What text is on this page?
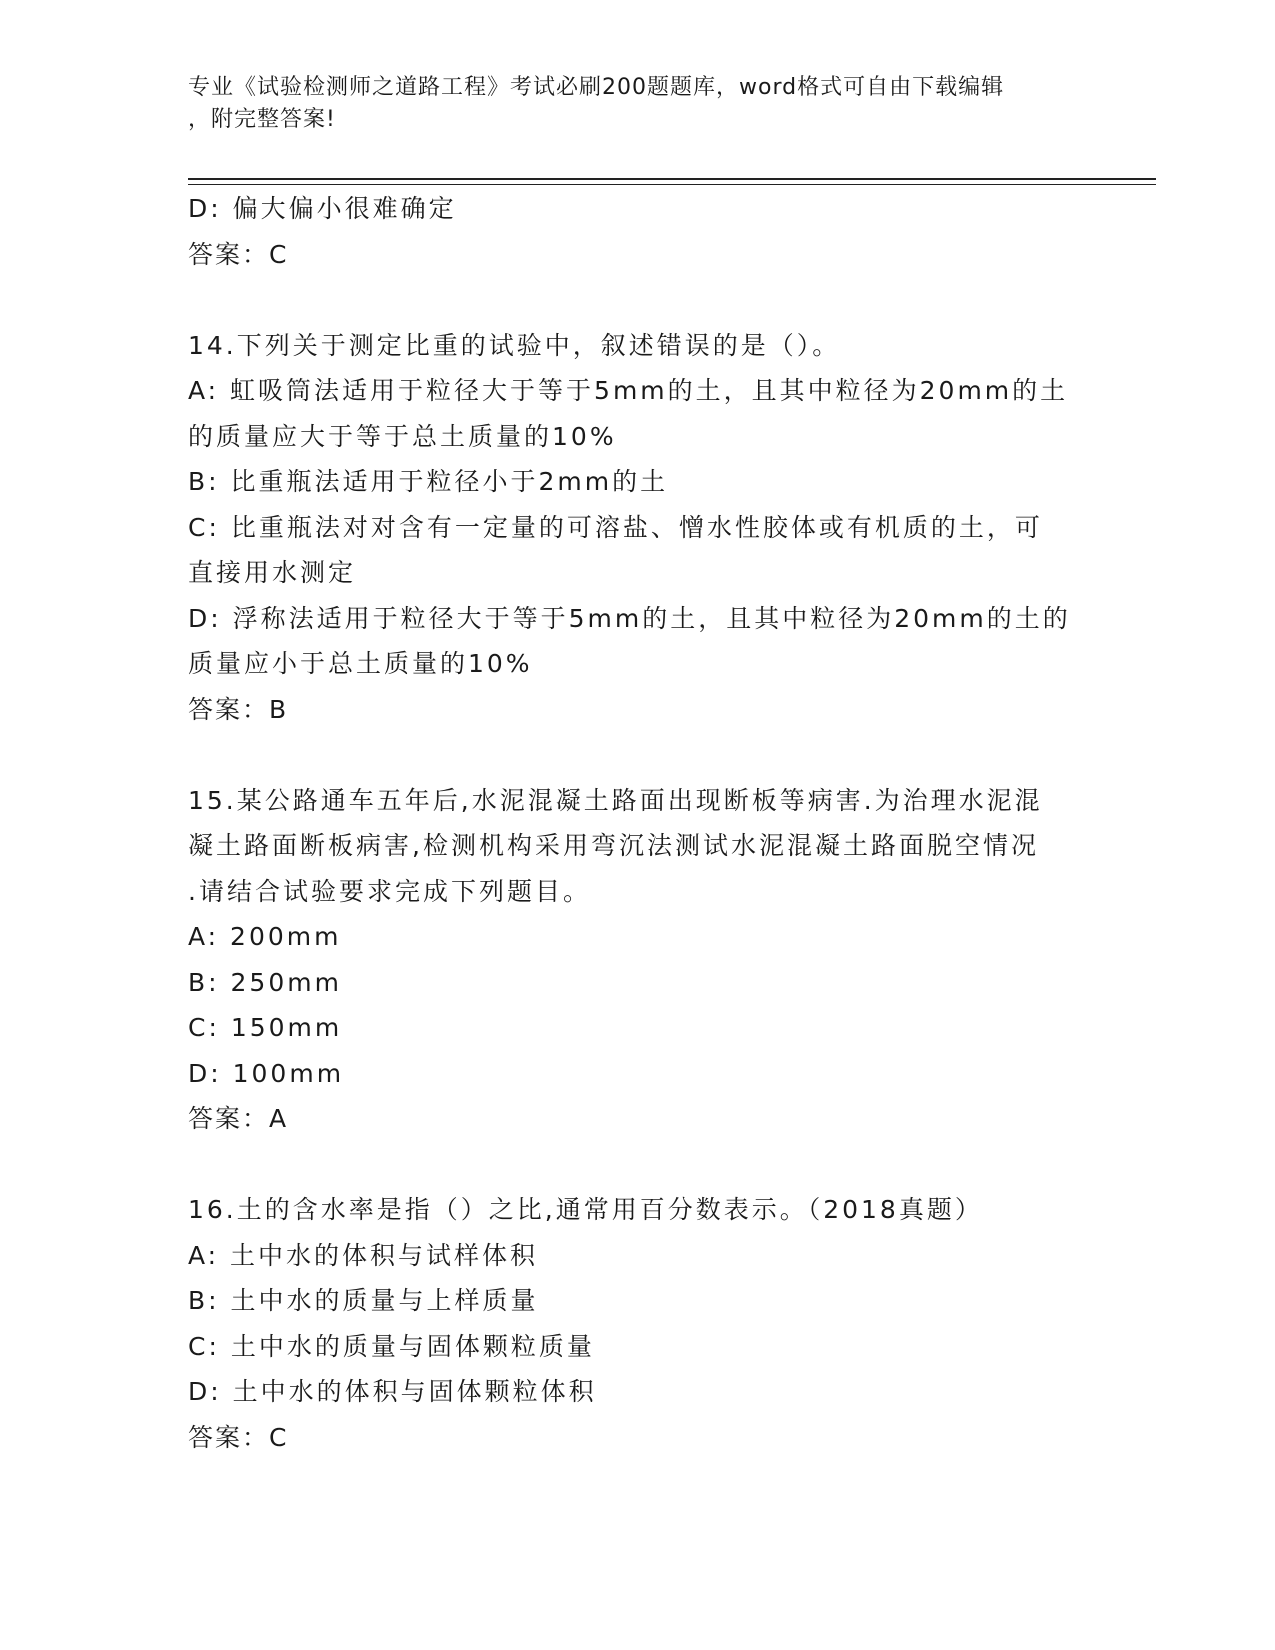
专业《试验检测师之道路工程》考试必刷200题题库，word格式可自由下载编辑
，附完整答案!

D: 偏大偏小很难确定

答案：C

14.下列关于测定比重的试验中，叙述错误的是（）。

A: 虹吸筒法适用于粒径大于等于5mm的土，且其中粒径为20mm的土

的质量应大于等于总土质量的10%

B: 比重瓶法适用于粒径小于2mm的土

C: 比重瓶法对对含有一定量的可溶盐、憎水性胶体或有机质的土，可

直接用水测定

D: 浮称法适用于粒径大于等于5mm的土，且其中粒径为20mm的土的

质量应小于总土质量的10%

答案：B

15.某公路通车五年后,水泥混凝土路面出现断板等病害.为治理水泥混

凝土路面断板病害,检测机构采用弯沉法测试水泥混凝土路面脱空情况

.请结合试验要求完成下列题目。

A: 200mm

B: 250mm

C: 150mm

D: 100mm

答案：A

16.土的含水率是指（）之比,通常用百分数表示。（2018真题）

A: 土中水的体积与试样体积

B: 土中水的质量与上样质量

C: 土中水的质量与固体颗粒质量

D: 土中水的体积与固体颗粒体积

答案：C
